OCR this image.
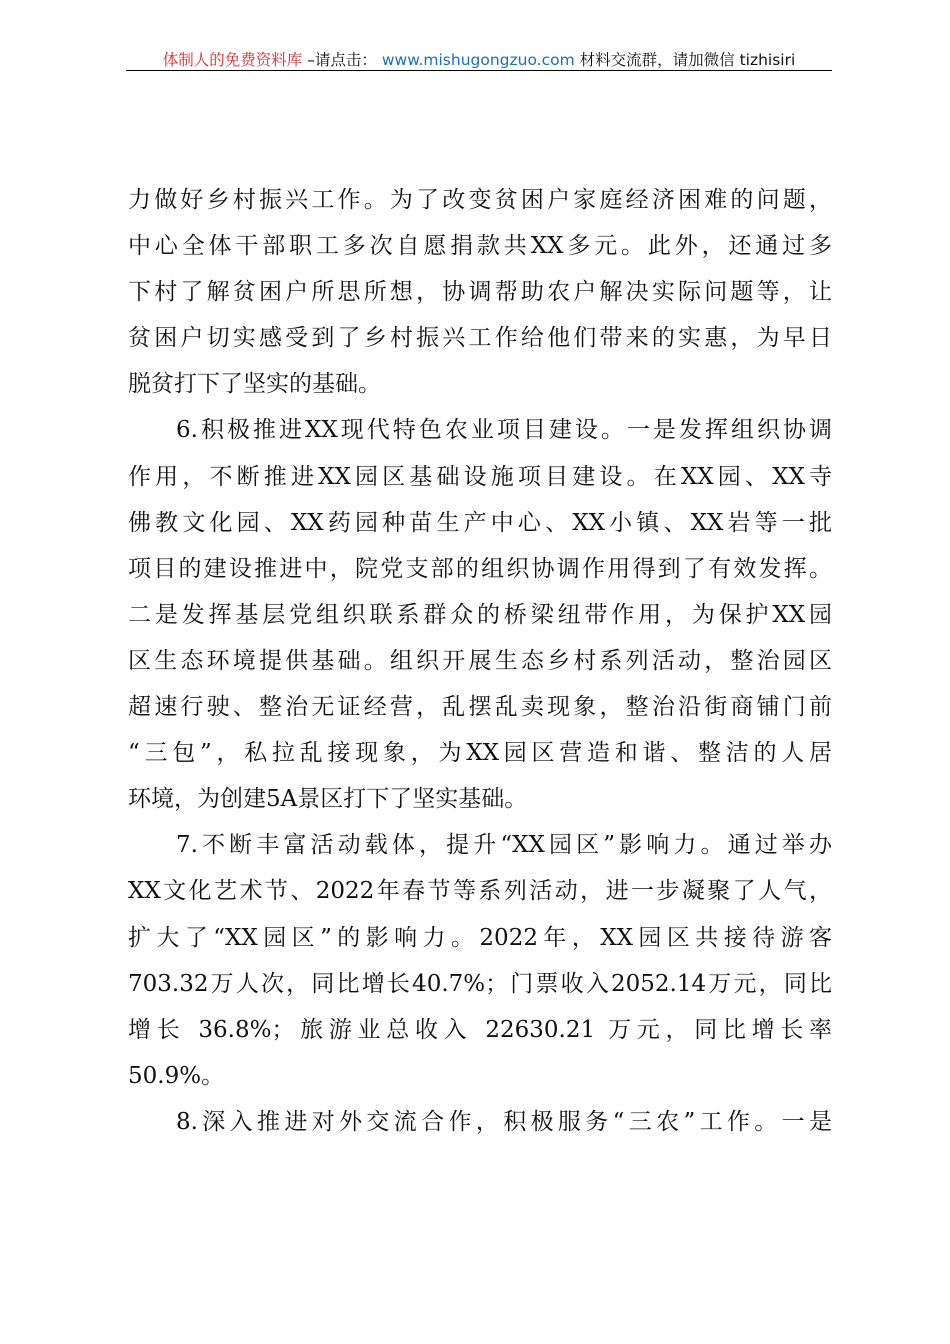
体制人的免费资料库 –请点击： www.mishugongzuo.com 材料交流群，请加微信 tizhisiri
力做好乡村振兴工作。为了改变贫困户家庭经济困难的问题，
中心全体干部职工多次自愿捐款共XX多元。此外，还通过多
下村了解贫困户所思所想，协调帮助农户解决实际问题等，让
贫困户切实感受到了乡村振兴工作给他们带来的实惠，为早日
脱贫打下了坚实的基础。
6.积极推进XX现代特色农业项目建设。一是发挥组织协调
作用，不断推进XX园区基础设施项目建设。在XX园、XX寺
佛教文化园、XX药园种苗生产中心、XX小镇、XX岩等一批
项目的建设推进中，院党支部的组织协调作用得到了有效发挥。
二是发挥基层党组织联系群众的桥梁纽带作用，为保护XX园
区生态环境提供基础。组织开展生态乡村系列活动，整治园区
超速行驶、整治无证经营，乱摆乱卖现象，整治沿街商铺门前
“三包”，私拉乱接现象，为XX园区营造和谐、整洁的人居
环境，为创建5A景区打下了坚实基础。
7.不断丰富活动载体，提升“XX园区”影响力。通过举办
XX文化艺术节、2022年春节等系列活动，进一步凝聚了人气，
扩大了“XX园区”的影响力。2022年，XX园区共接待游客
703.32万人次，同比增长40.7%；门票收入2052.14万元，同比
增长 36.8%；旅游业总收入 22630.21 万元，同比增长率
50.9%。
8.深入推进对外交流合作，积极服务“三农”工作。一是
